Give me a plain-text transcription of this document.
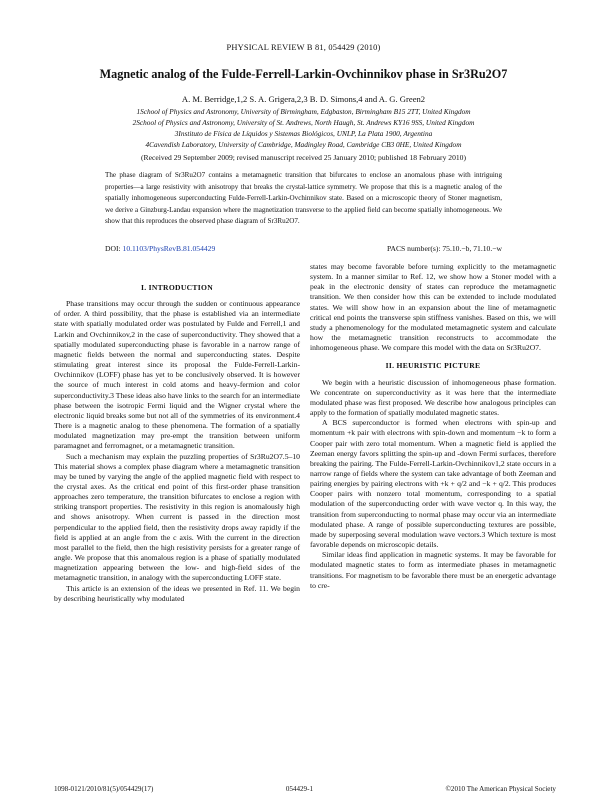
PHYSICAL REVIEW B 81, 054429 (2010)
Magnetic analog of the Fulde-Ferrell-Larkin-Ovchinnikov phase in Sr3Ru2O7
A. M. Berridge,1,2 S. A. Grigera,2,3 B. D. Simons,4 and A. G. Green2
1School of Physics and Astronomy, University of Birmingham, Edgbaston, Birmingham B15 2TT, United Kingdom
2School of Physics and Astronomy, University of St. Andrews, North Haugh, St. Andrews KY16 9SS, United Kingdom
3Instituto de Física de Líquidos y Sistemas Biológicos, UNLP, La Plata 1900, Argentina
4Cavendish Laboratory, University of Cambridge, Madingley Road, Cambridge CB3 0HE, United Kingdom
(Received 29 September 2009; revised manuscript received 25 January 2010; published 18 February 2010)
The phase diagram of Sr3Ru2O7 contains a metamagnetic transition that bifurcates to enclose an anomalous phase with intriguing properties—a large resistivity with anisotropy that breaks the crystal-lattice symmetry. We propose that this is a magnetic analog of the spatially inhomogeneous superconducting Fulde-Ferrell-Larkin-Ovchinnikov state. Based on a microscopic theory of Stoner magnetism, we derive a Ginzburg-Landau expansion where the magnetization transverse to the applied field can become spatially inhomogeneous. We show that this reproduces the observed phase diagram of Sr3Ru2O7.
DOI: 10.1103/PhysRevB.81.054429	PACS number(s): 75.10.−b, 71.10.−w
I. INTRODUCTION

Phase transitions may occur through the sudden or continuous appearance of order. A third possibility, that the phase is established via an intermediate state with spatially modulated order was postulated by Fulde and Ferrell,1 and Larkin and Ovchinnikov,2 in the case of superconductivity. They showed that a spatially modulated superconducting phase is favorable in a narrow range of magnetic fields between the normal and superconducting states. Despite stimulating great interest since its proposal the Fulde-Ferrell-Larkin-Ovchinnikov (LOFF) phase has yet to be conclusively observed. It is however the source of much interest in cold atoms and heavy-fermion and color superconductivity.3 These ideas also have links to the search for an intermediate phase between the isotropic Fermi liquid and the Wigner crystal where the electronic liquid breaks some but not all of the symmetries of its environment.4 There is a magnetic analog to these phenomena. The formation of a spatially modulated magnetization may pre-empt the transition between uniform paramagnet and ferromagnet, or a metamagnetic transition.

Such a mechanism may explain the puzzling properties of Sr3Ru2O7.5–10 This material shows a complex phase diagram where a metamagnetic transition may be tuned by varying the angle of the applied magnetic field with respect to the crystal axes. As the critical end point of this first-order phase transition approaches zero temperature, the transition bifurcates to enclose a region with striking transport properties. The resistivity in this region is anomalously high and shows anisotropy. When current is passed in the direction most perpendicular to the applied field, then the resistivity drops away rapidly if the field is applied at an angle from the c axis. With the current in the direction most parallel to the field, then the high resistivity persists for a greater range of angle. We propose that this anomalous region is a phase of spatially modulated magnetization appearing between the low- and high-field sides of the metamagnetic transition, in analogy with the superconducting LOFF state.

This article is an extension of the ideas we presented in Ref. 11. We begin by describing heuristically why modulated

states may become favorable before turning explicitly to the metamagnetic system. In a manner similar to Ref. 12, we show how a Stoner model with a peak in the electronic density of states can reproduce the metamagnetic transition. We then consider how this can be extended to include modulated states. We will show how in an expansion about the line of metamagnetic critical end points the transverse spin stiffness vanishes. Based on this, we will study a phenomenology for the modulated metamagnetic system and calculate how the metamagnetic transition reconstructs to accommodate the inhomogeneous phase. We compare this model with the data on Sr3Ru2O7.

II. HEURISTIC PICTURE

We begin with a heuristic discussion of inhomogeneous phase formation. We concentrate on superconductivity as it was here that the intermediate modulated phase was first proposed. We describe how analogous principles can apply to the formation of spatially modulated magnetic states.

A BCS superconductor is formed when electrons with spin-up and momentum +k pair with electrons with spin-down and momentum −k to form a Cooper pair with zero total momentum. When a magnetic field is applied the Zeeman energy favors splitting the spin-up and -down Fermi surfaces, therefore breaking the pairing. The Fulde-Ferrell-Larkin-Ovchinnikov1,2 state occurs in a narrow range of fields where the system can take advantage of both Zeeman and pairing energies by pairing electrons with +k + q/2 and −k + q/2. This produces Cooper pairs with nonzero total momentum, corresponding to a spatial modulation of the superconducting order with wave vector q. In this way, the transition from superconducting to normal phase may occur via an intermediate modulated phase. A range of possible superconducting textures are possible, made by superposing several modulation wave vectors.3 Which texture is most favorable depends on microscopic details.

Similar ideas find application in magnetic systems. It may be favorable for modulated magnetic states to form as intermediate phases in metamagnetic transitions. For magnetism to be favorable there must be an energetic advantage to cre-

1098-0121/2010/81(5)/054429(17)	054429-1	©2010 The American Physical Society
